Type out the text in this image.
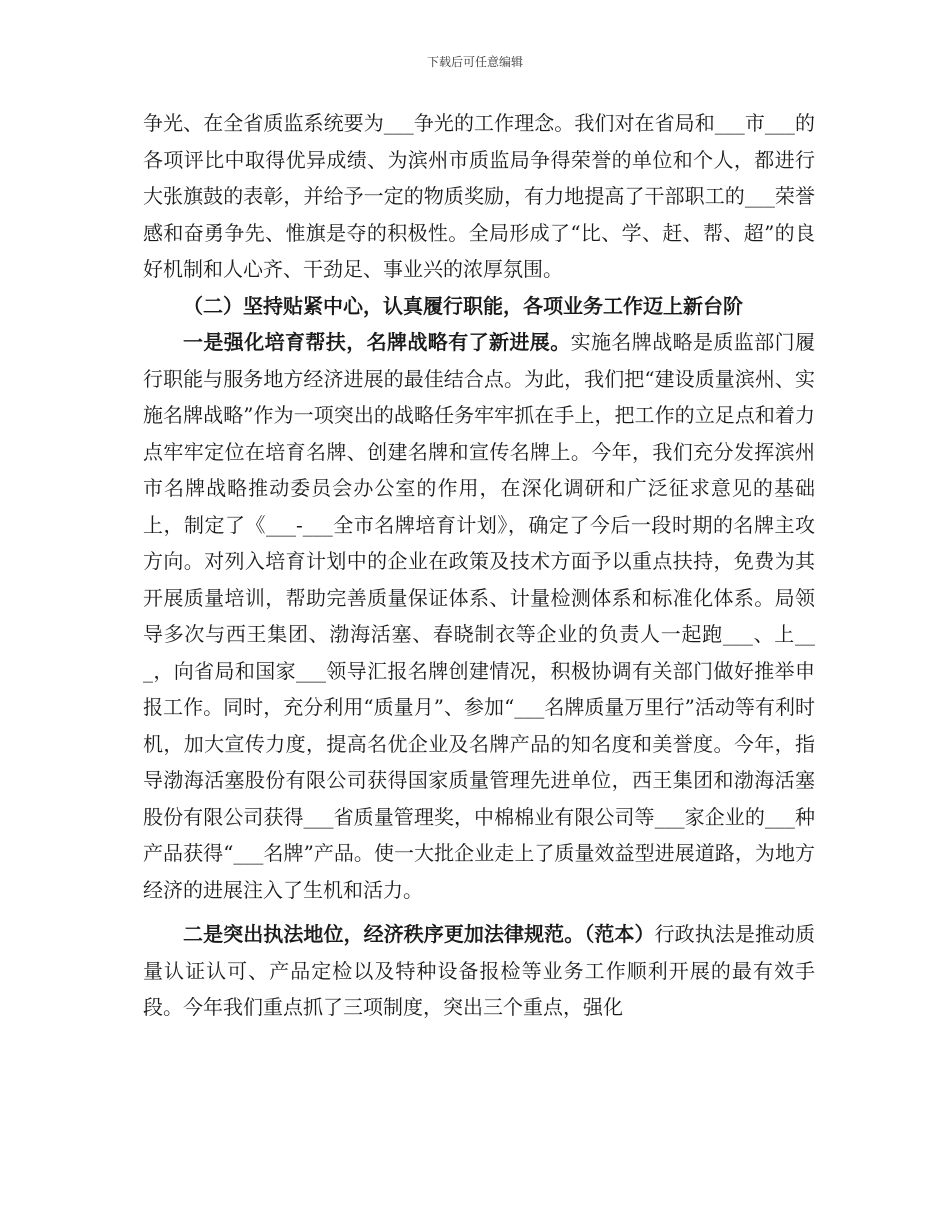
下载后可任意编辑

争光、在全省质监系统要为___争光的工作理念。我们对在省局和___市___的各项评比中取得优异成绩、为滨州市质监局争得荣誉的单位和个人，都进行大张旗鼓的表彰，并给予一定的物质奖励，有力地提高了干部职工的___荣誉感和奋勇争先、惟旗是夺的积极性。全局形成了“比、学、赶、帮、超”的良好机制和人心齐、干劲足、事业兴的浓厚氛围。

（二）坚持贴紧中心，认真履行职能，各项业务工作迈上新台阶

一是强化培育帮扶，名牌战略有了新进展。实施名牌战略是质监部门履行职能与服务地方经济进展的最佳结合点。为此，我们把“建设质量滨州、实施名牌战略”作为一项突出的战略任务牢牢抓在手上，把工作的立足点和着力点牢牢定位在培育名牌、创建名牌和宣传名牌上。今年，我们充分发挥滨州市名牌战略推动委员会办公室的作用，在深化调研和广泛征求意见的基础上，制定了《___-___全市名牌培育计划》，确定了今后一段时期的名牌主攻方向。对列入培育计划中的企业在政策及技术方面予以重点扶持，免费为其开展质量培训，帮助完善质量保证体系、计量检测体系和标准化体系。局领导多次与西王集团、渤海活塞、春晓制衣等企业的负责人一起跑___、上___，向省局和国家___领导汇报名牌创建情况，积极协调有关部门做好推举申报工作。同时，充分利用“质量月”、参加“___名牌质量万里行”活动等有利时机，加大宣传力度，提高名优企业及名牌产品的知名度和美誉度。今年，指导渤海活塞股份有限公司获得国家质量管理先进单位，西王集团和渤海活塞股份有限公司获得___省质量管理奖，中棉棉业有限公司等___家企业的___种产品获得“___名牌”产品。使一大批企业走上了质量效益型进展道路，为地方经济的进展注入了生机和活力。

二是突出执法地位，经济秩序更加法律规范。（范本）行政执法是推动质量认证认可、产品定检以及特种设备报检等业务工作顺利开展的最有效手段。今年我们重点抓了三项制度，突出三个重点，强化
